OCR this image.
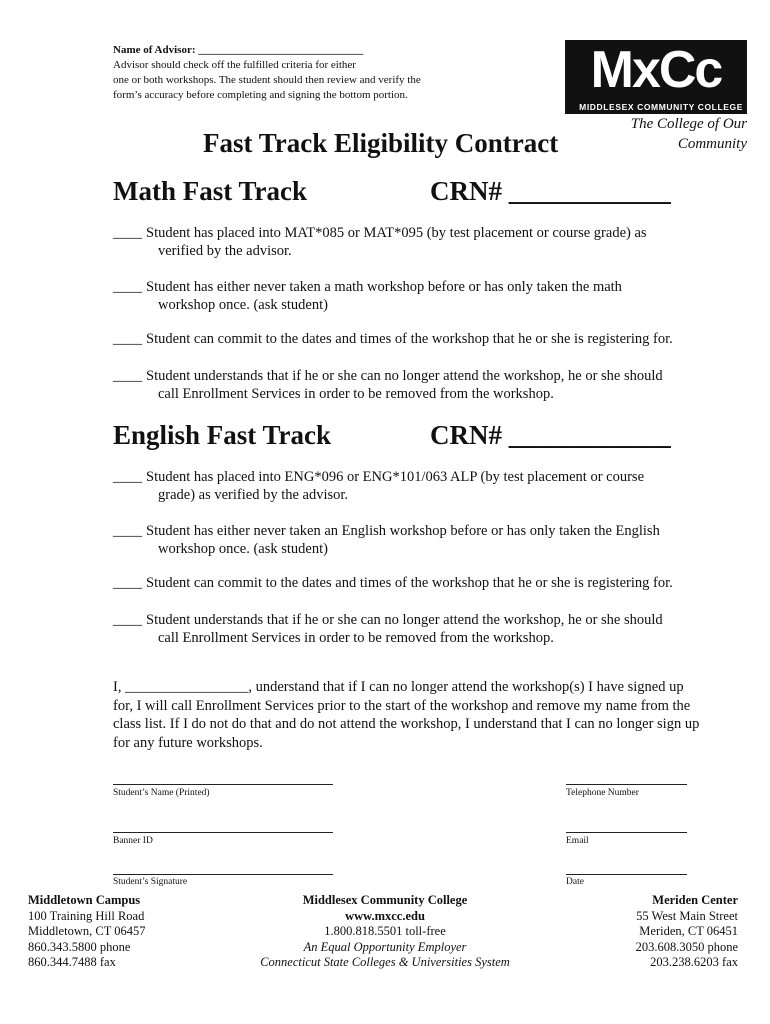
Name of Advisor: ______________________________
Advisor should check off the fulfilled criteria for either
one or both workshops. The student should then review and verify the
form’s accuracy before completing and signing the bottom portion.	MxCc
MIDDLESEX COMMUNITY COLLEGE
The College of Our Community
Fast Track Eligibility Contract
Math Fast Track	CRN# ____________
____ Student has placed into MAT*085 or MAT*095 (by test placement or course grade) as
verified by the advisor.
____ Student has either never taken a math workshop before or has only taken the math
workshop once. (ask student)
____ Student can commit to the dates and times of the workshop that he or she is registering for.
____ Student understands that if he or she can no longer attend the workshop, he or she should
call Enrollment Services in order to be removed from the workshop.
English Fast Track	CRN# ____________
____ Student has placed into ENG*096 or ENG*101/063 ALP (by test placement or course
grade) as verified by the advisor.
____ Student has either never taken an English workshop before or has only taken the English
workshop once. (ask student)
____ Student can commit to the dates and times of the workshop that he or she is registering for.
____ Student understands that if he or she can no longer attend the workshop, he or she should
call Enrollment Services in order to be removed from the workshop.
I, _________________, understand that if I can no longer attend the workshop(s) I have signed up for, I will call Enrollment Services prior to the start of the workshop and remove my name from the class list. If I do not do that and do not attend the workshop, I understand that I can no longer sign up for any future workshops.
Student’s Name (Printed)	Telephone Number
Banner ID	Email
Student’s Signature	Date
Middletown Campus
100 Training Hill Road
Middletown, CT 06457
860.343.5800 phone
860.344.7488 fax
Middlesex Community College
www.mxcc.edu
1.800.818.5501 toll-free
An Equal Opportunity Employer
Connecticut State Colleges & Universities System
Meriden Center
55 West Main Street
Meriden, CT 06451
203.608.3050 phone
203.238.6203 fax
